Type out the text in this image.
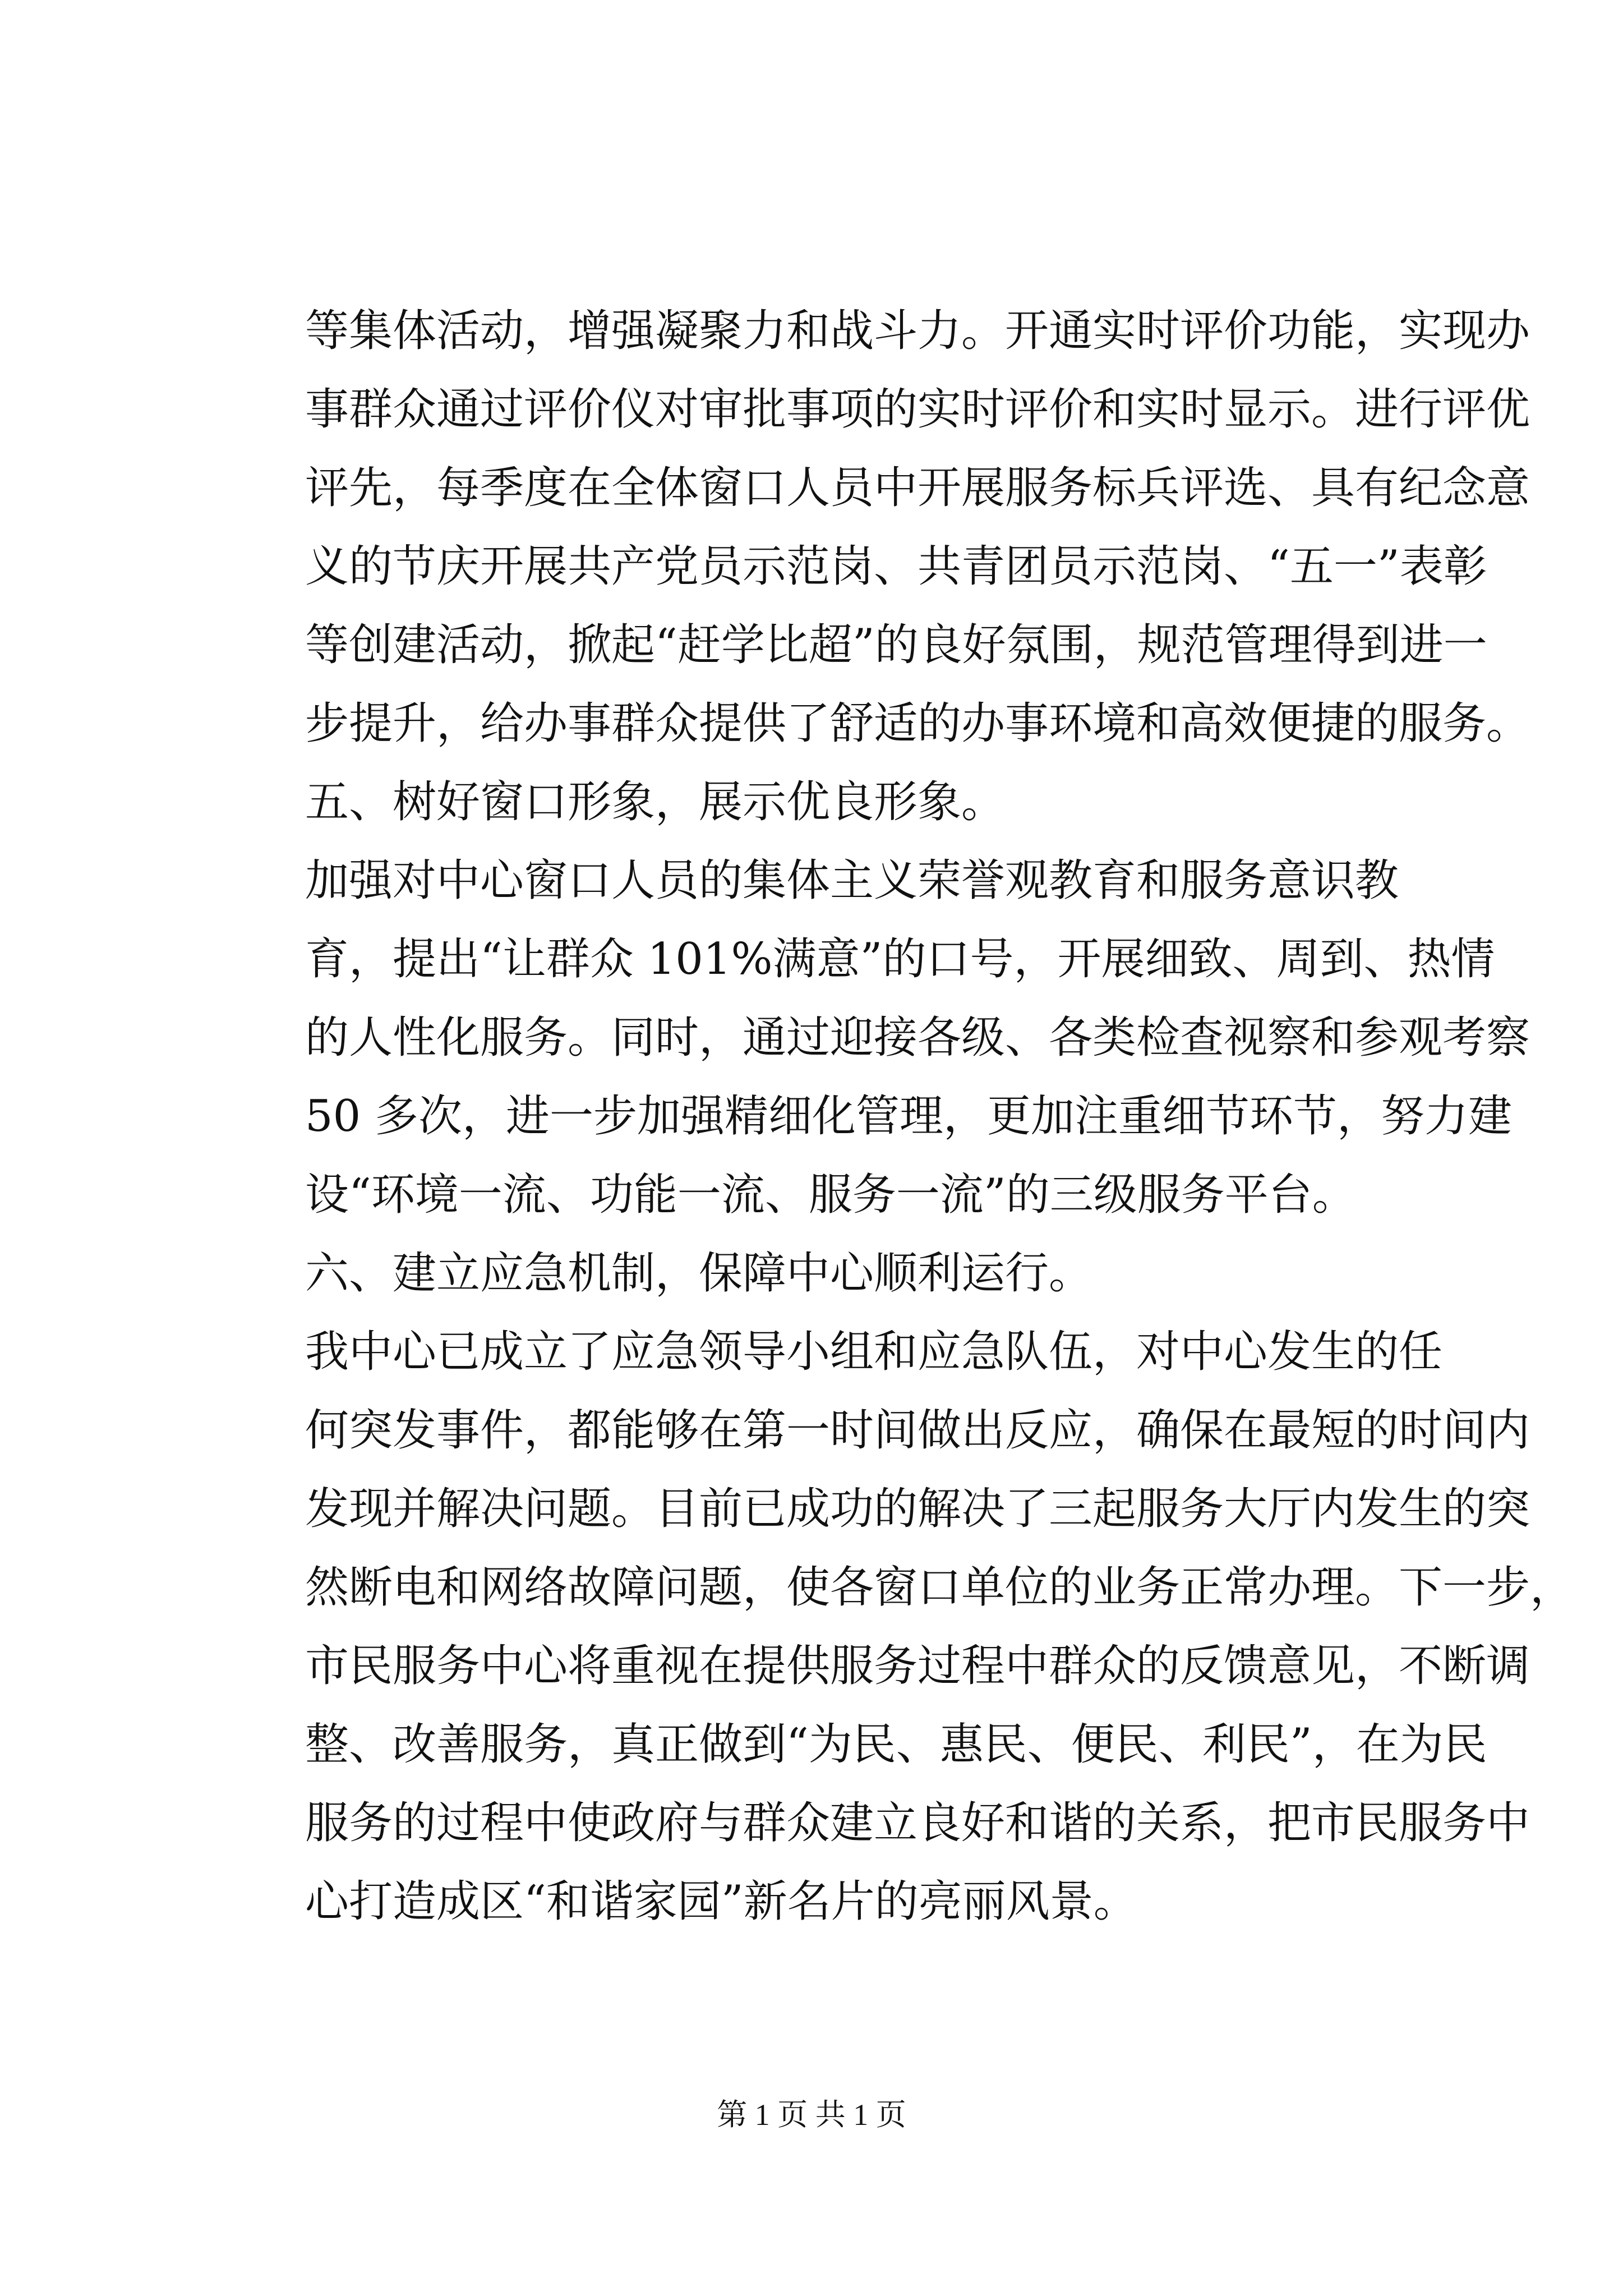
等集体活动，增强凝聚力和战斗力。开通实时评价功能，实现办
事群众通过评价仪对审批事项的实时评价和实时显示。进行评优
评先，每季度在全体窗口人员中开展服务标兵评选、具有纪念意
义的节庆开展共产党员示范岗、共青团员示范岗、“五一”表彰
等创建活动，掀起“赶学比超”的良好氛围，规范管理得到进一
步提升，给办事群众提供了舒适的办事环境和高效便捷的服务。
五、树好窗口形象，展示优良形象。
加强对中心窗口人员的集体主义荣誉观教育和服务意识教
育，提出“让群众 101%满意”的口号，开展细致、周到、热情
的人性化服务。同时，通过迎接各级、各类检查视察和参观考察
50 多次，进一步加强精细化管理，更加注重细节环节，努力建
设“环境一流、功能一流、服务一流”的三级服务平台。
六、建立应急机制，保障中心顺利运行。
我中心已成立了应急领导小组和应急队伍，对中心发生的任
何突发事件，都能够在第一时间做出反应，确保在最短的时间内
发现并解决问题。目前已成功的解决了三起服务大厅内发生的突
然断电和网络故障问题，使各窗口单位的业务正常办理。下一步，
市民服务中心将重视在提供服务过程中群众的反馈意见，不断调
整、改善服务，真正做到“为民、惠民、便民、利民”，在为民
服务的过程中使政府与群众建立良好和谐的关系，把市民服务中
心打造成区“和谐家园”新名片的亮丽风景。
第 1 页 共 1 页
